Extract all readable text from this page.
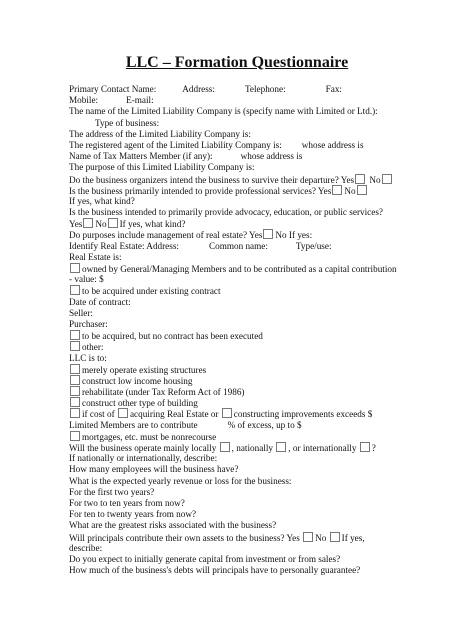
LLC – Formation Questionnaire
Primary Contact Name:	Address:	Telephone:	Fax:
Mobile:	E-mail:
The name of the Limited Liability Company is (specify name with Limited or Ltd.):
Type of business:
The address of the Limited Liability Company is:
The registered agent of the Limited Liability Company is: whose address is
Name of Tax Matters Member (if any):	whose address is
The purpose of this Limited Liability Company is:
Do the business organizers intend the business to survive their departure? Yes No
Is the business primarily intended to provide professional services? Yes No
If yes, what kind?
Is the business intended to primarily provide advocacy, education, or public services?
Yes No If yes, what kind?
Do purposes include management of real estate? Yes No If yes:
Identify Real Estate: Address:	Common name:	Type/use:
Real Estate is:
owned by General/Managing Members and to be contributed as a capital contribution
- value: $
to be acquired under existing contract
Date of contract:
Seller:
Purchaser:
to be acquired, but no contract has been executed
other:
LLC is to:
merely operate existing structures
construct low income housing
rehabilitate (under Tax Reform Act of 1986)
construct other type of building
if cost of acquiring Real Estate or constructing improvements exceeds $
Limited Members are to contribute	% of excess, up to $
mortgages, etc. must be nonrecourse
Will the business operate mainly locally , nationally , or internationally ?
If nationally or internationally, describe:
How many employees will the business have?
What is the expected yearly revenue or loss for the business:
For the first two years?
For two to ten years from now?
For ten to twenty years from now?
What are the greatest risks associated with the business?
Will principals contribute their own assets to the business? Yes No If yes,
describe:
Do you expect to initially generate capital from investment or from sales?
How much of the business's debts will principals have to personally guarantee?
